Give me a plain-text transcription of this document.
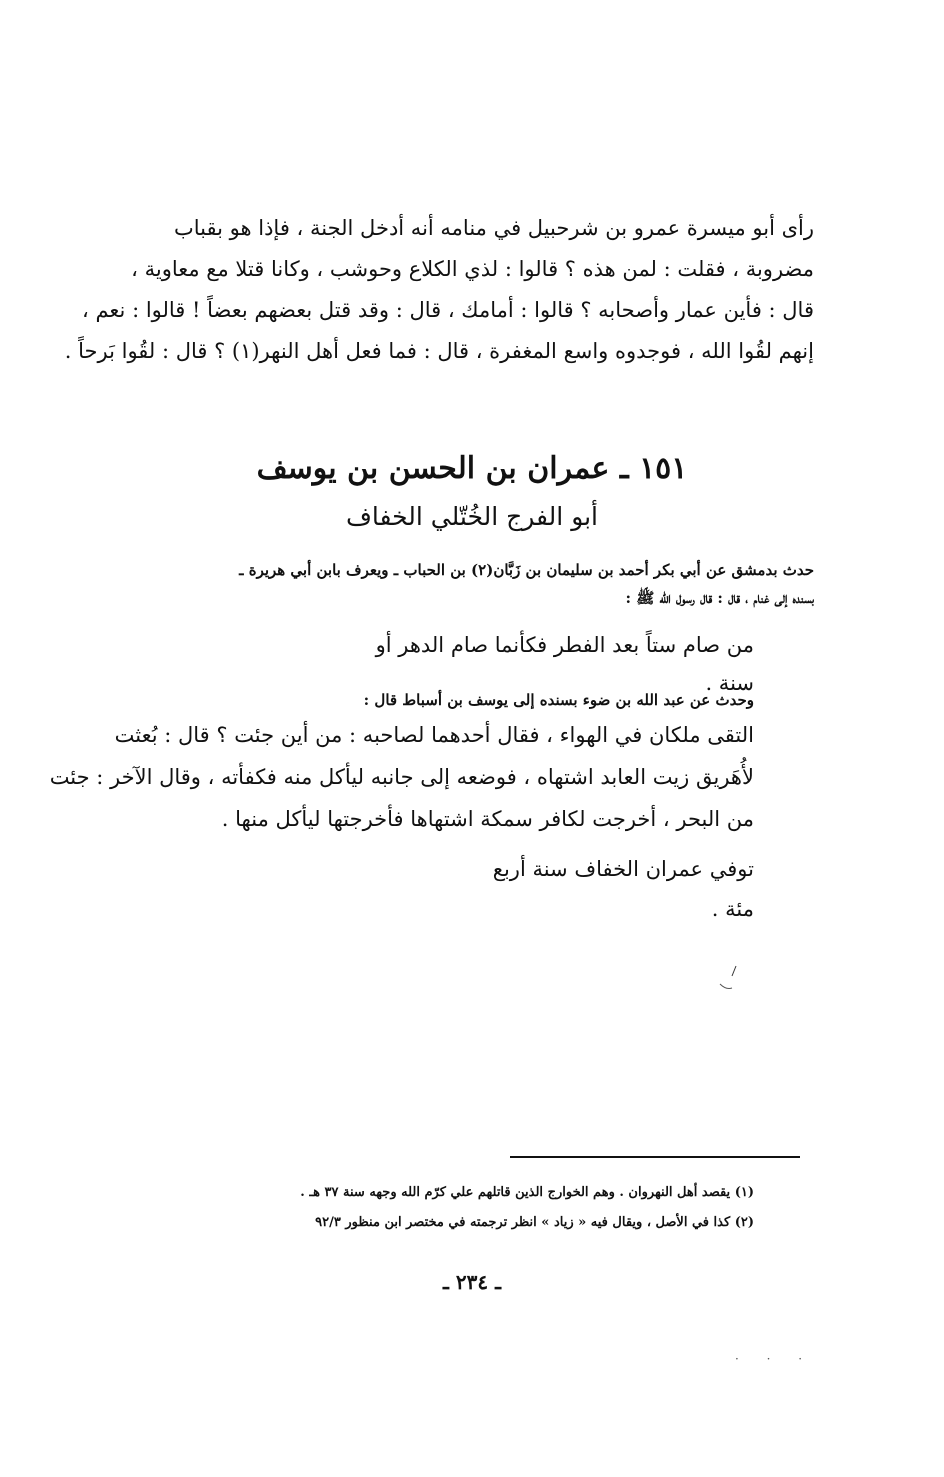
رأى أبو ميسرة عمرو بن شرحبيل في منامه أنه أدخل الجنة ، فإذا هو بقباب
مضروبة ، فقلت : لمن هذه ؟ قالوا : لذي الكلاع وحوشب ، وكانا قتلا مع معاوية ،
قال : فأين عمار وأصحابه ؟ قالوا : أمامك ، قال : وقد قتل بعضهم بعضاً ! قالوا : نعم ،
إنهم لقُوا الله ، فوجدوه واسع المغفرة ، قال : فما فعل أهل النهر(١) ؟ قال : لقُوا بَرحاً .
١٥١ ـ عمران بن الحسن بن يوسف
أبو الفرج الخُتّلي الخفاف
حدث بدمشق عن أبي بكر أحمد بن سليمان بن زَبَّان(٢) بن الحباب ـ ويعرف بابن أبي هريرة ـ
بسنده إلى غنام ، قال : قال رسول الله ﷺ :
من صام ستاً بعد الفطر فكأنما صام الدهر أو سنة .
وحدث عن عبد الله بن ضوء بسنده إلى يوسف بن أسباط قال :
التقى ملكان في الهواء ، فقال أحدهما لصاحبه : من أين جئت ؟ قال : بُعثت
لأُهَريق زيت العابد اشتهاه ، فوضعه إلى جانبه ليأكل منه فكفأته ، وقال الآخر : جئت
من البحر ، أخرجت لكافر سمكة اشتهاها فأخرجتها ليأكل منها .
توفي عمران الخفاف سنة أربع مئة .
(١) يقصد أهل النهروان . وهم الخوارج الذين قاتلهم علي كرّم الله وجهه سنة ٣٧ هـ .
(٢) كذا في الأصل ، ويقال فيه « زياد » انظر ترجمته في مختصر ابن منظور ٩٢/٣
ـ ٢٣٤ ـ
· · ·
